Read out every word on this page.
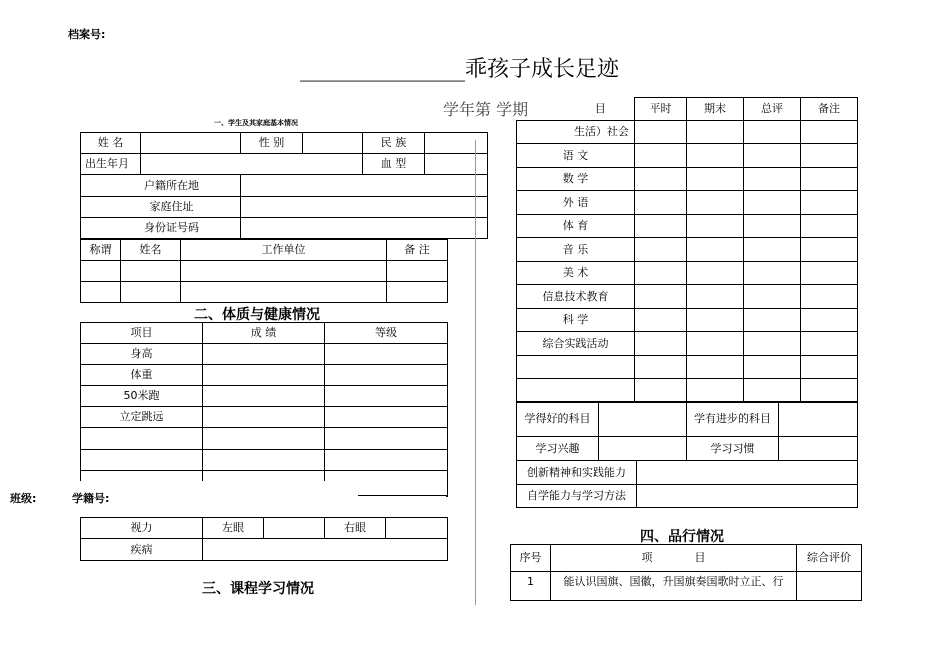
档案号:
_______________乖孩子成长足迹
学年第 学期
一、学生及其家庭基本情况
姓 名		性 别		民 族	
出生年月				血 型	
户籍所在地					
家庭住址					
身份证号码					
称谓	姓名	工作单位	备 注

二、体质与健康情况
项目	成 绩	等级
身高		
体重		
50米跑		
立定跳远		

班级:	学籍号:
视力	左眼		右眼	
疾病				
三、课程学习情况
目	平时	期末	总评	备注
生活）社会				
语 文				
数 学				
外 语				
体 育				
音 乐				
美 术				
信息技术教育				
科 学				
综合实践活动				

学得好的科目		学有进步的科目	
学习兴趣		学习习惯	
创新精神和实践能力	
自学能力与学习方法	
四、品行情况
序号	项            目	综合评价
1	能认识国旗、国徽，升国旗奏国歌时立正、行	
